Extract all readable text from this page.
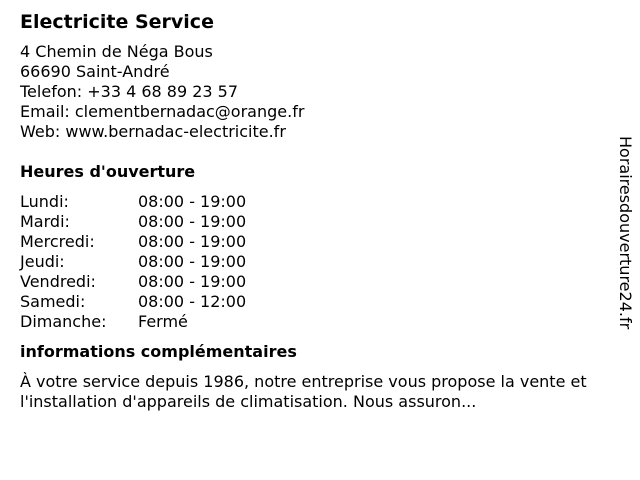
Electricite Service
4 Chemin de Néga Bous
66690 Saint-André
Telefon: +33 4 68 89 23 57
Email: clementbernadac@orange.fr
Web: www.bernadac-electricite.fr
Heures d'ouverture
Lundi:	08:00 - 19:00
Mardi:	08:00 - 19:00
Mercredi:	08:00 - 19:00
Jeudi:	08:00 - 19:00
Vendredi:	08:00 - 19:00
Samedi:	08:00 - 12:00
Dimanche:	Fermé
informations complémentaires

À votre service depuis 1986, notre entreprise vous propose la vente et l'installation d'appareils de climatisation. Nous assuron...

Horairesdouverture24.fr
